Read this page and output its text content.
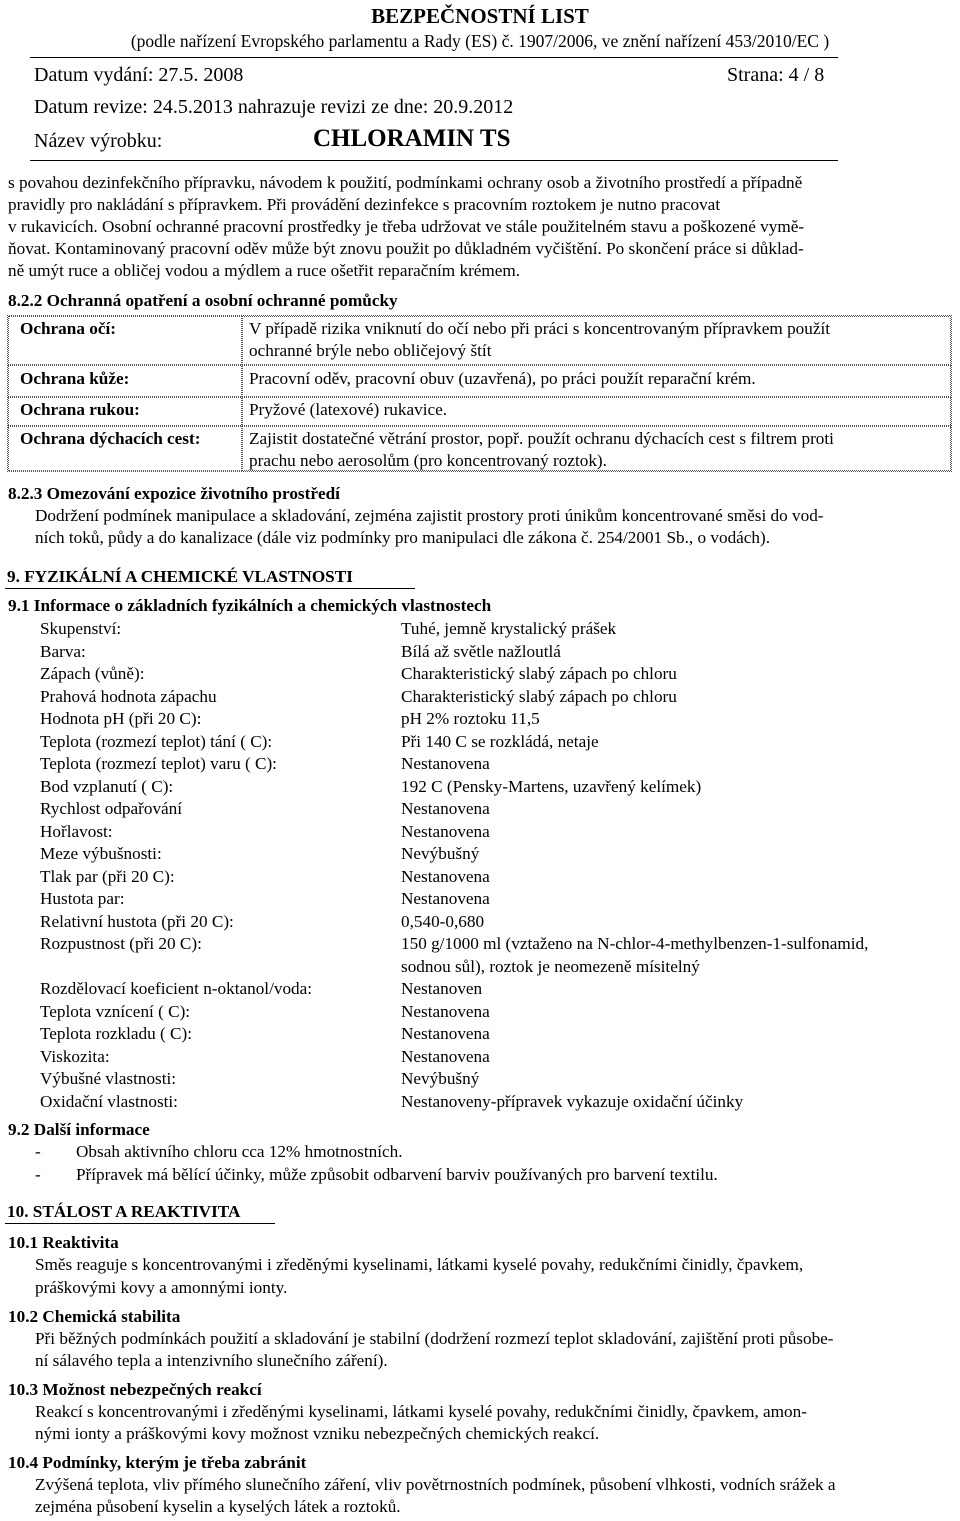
BEZPEČNOSTNÍ LIST
(podle nařízení Evropského parlamentu a Rady (ES) č. 1907/2006, ve znění nařízení 453/2010/EC )
Datum vydání: 27.5. 2008	Strana: 4 / 8
Datum revize: 24.5.2013 nahrazuje revizi ze dne: 20.9.2012
Název výrobku:	CHLORAMIN TS
s povahou dezinfekčního přípravku, návodem k použití, podmínkami ochrany osob a životního prostředí a případně
pravidly pro nakládání s přípravkem. Při provádění dezinfekce s pracovním roztokem je nutno pracovat
v rukavicích. Osobní ochranné pracovní prostředky je třeba udržovat ve stále použitelném stavu a poškozené vymě-
ňovat. Kontaminovaný pracovní oděv může být znovu použit po důkladném vyčištění. Po skončení práce si důklad-
ně umýt ruce a obličej vodou a mýdlem a ruce ošetřit reparačním krémem.
8.2.2 Ochranná opatření a osobní ochranné pomůcky
Ochrana očí:	V případě rizika vniknutí do očí nebo při práci s koncentrovaným přípravkem použít
ochranné brýle nebo obličejový štít
Ochrana kůže:	Pracovní oděv, pracovní obuv (uzavřená), po práci použít reparační krém.
Ochrana rukou:	Pryžové (latexové) rukavice.
Ochrana dýchacích cest:	Zajistit dostatečné větrání prostor, popř. použít ochranu dýchacích cest s filtrem proti
prachu nebo aerosolům (pro koncentrovaný roztok).
8.2.3 Omezování expozice životního prostředí
Dodržení podmínek manipulace a skladování, zejména zajistit prostory proti únikům koncentrované směsi do vod-
ních toků, půdy a do kanalizace (dále viz podmínky pro manipulaci dle zákona č. 254/2001 Sb., o vodách).
9. FYZIKÁLNÍ A CHEMICKÉ VLASTNOSTI
9.1 Informace o základních fyzikálních a chemických vlastnostech
Skupenství:	Tuhé, jemně krystalický prášek
Barva:	Bílá až světle nažloutlá
Zápach (vůně):	Charakteristický slabý zápach po chloru
Prahová hodnota zápachu	Charakteristický slabý zápach po chloru
Hodnota pH (při 20 C):	pH 2% roztoku 11,5
Teplota (rozmezí teplot) tání ( C):	Při 140 C se rozkládá, netaje
Teplota (rozmezí teplot) varu ( C):	Nestanovena
Bod vzplanutí ( C):	192 C (Pensky-Martens, uzavřený kelímek)
Rychlost odpařování	Nestanovena
Hořlavost:	Nestanovena
Meze výbušnosti:	Nevýbušný
Tlak par (při 20 C):	Nestanovena
Hustota par:	Nestanovena
Relativní hustota (při 20 C):	0,540-0,680
Rozpustnost (při 20 C):	150 g/1000 ml (vztaženo na N-chlor-4-methylbenzen-1-sulfonamid,
sodnou sůl), roztok je neomezeně mísitelný
Rozdělovací koeficient n-oktanol/voda:	Nestanoven
Teplota vznícení ( C):	Nestanovena
Teplota rozkladu ( C):	Nestanovena
Viskozita:	Nestanovena
Výbušné vlastnosti:	Nevýbušný
Oxidační vlastnosti:	Nestanoveny-přípravek vykazuje oxidační účinky
9.2 Další informace
- Obsah aktivního chloru cca 12% hmotnostních.
- Přípravek má bělící účinky, může způsobit odbarvení barviv používaných pro barvení textilu.
10. STÁLOST A REAKTIVITA
10.1 Reaktivita
Směs reaguje s koncentrovanými i zředěnými kyselinami, látkami kyselé povahy, redukčními činidly, čpavkem,
práškovými kovy a amonnými ionty.
10.2 Chemická stabilita
Při běžných podmínkách použití a skladování je stabilní (dodržení rozmezí teplot skladování, zajištění proti působe-
ní sálavého tepla a intenzivního slunečního záření).
10.3 Možnost nebezpečných reakcí
Reakcí s koncentrovanými i zředěnými kyselinami, látkami kyselé povahy, redukčními činidly, čpavkem, amon-
nými ionty a práškovými kovy možnost vzniku nebezpečných chemických reakcí.
10.4 Podmínky, kterým je třeba zabránit
Zvýšená teplota, vliv přímého slunečního záření, vliv povětrnostních podmínek, působení vlhkosti, vodních srážek a
zejména působení kyselin a kyselých látek a roztoků.
